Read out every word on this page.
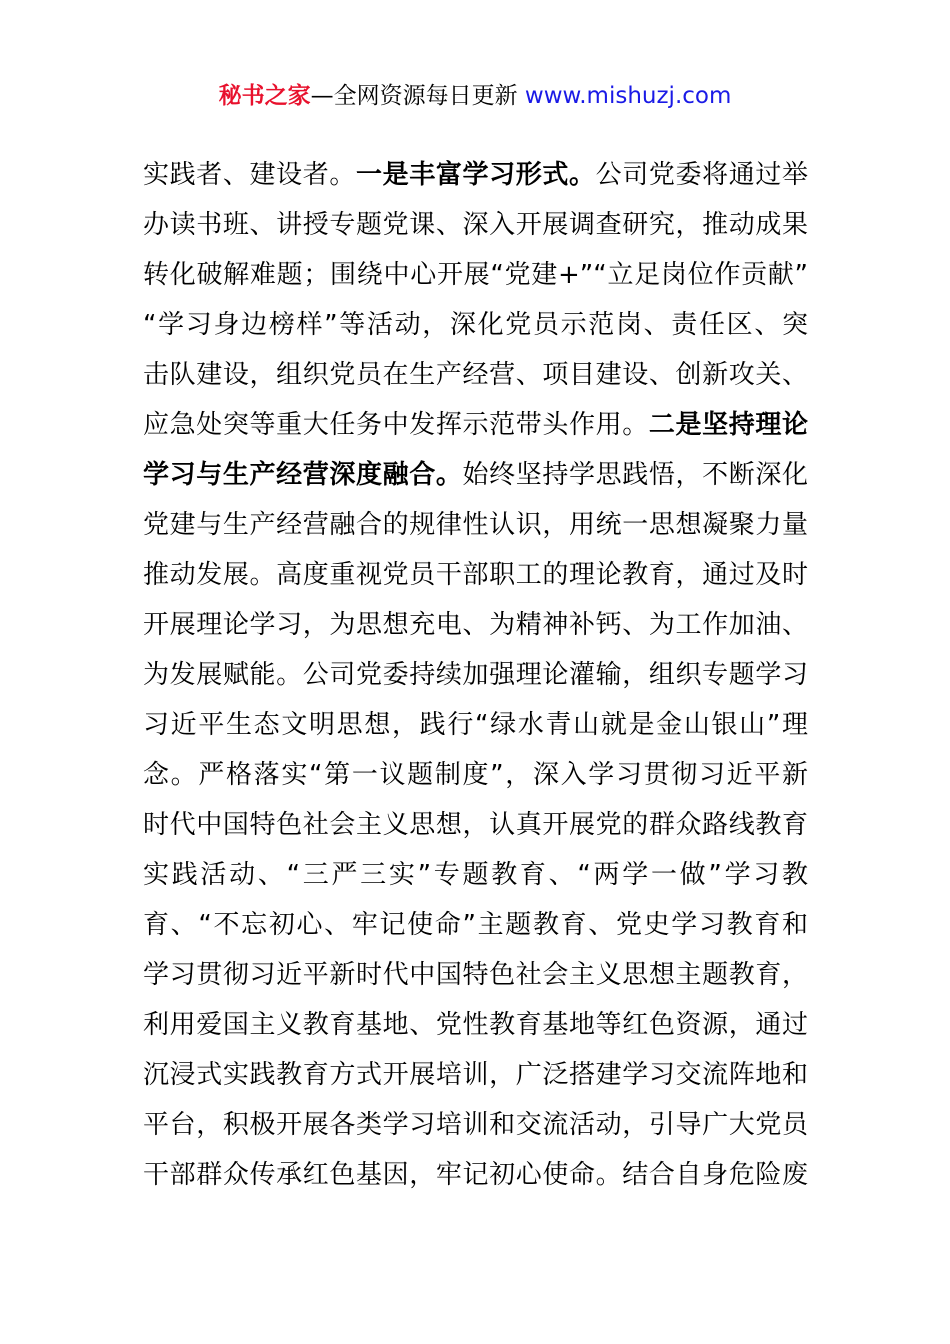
秘书之家—全网资源每日更新 www.mishuzj.com
实践者、建设者。一是丰富学习形式。公司党委将通过举
办读书班、讲授专题党课、深入开展调查研究，推动成果
转化破解难题；围绕中心开展“党建+”“立足岗位作贡献”
“学习身边榜样”等活动，深化党员示范岗、责任区、突
击队建设，组织党员在生产经营、项目建设、创新攻关、
应急处突等重大任务中发挥示范带头作用。二是坚持理论
学习与生产经营深度融合。始终坚持学思践悟，不断深化
党建与生产经营融合的规律性认识，用统一思想凝聚力量
推动发展。高度重视党员干部职工的理论教育，通过及时
开展理论学习，为思想充电、为精神补钙、为工作加油、
为发展赋能。公司党委持续加强理论灌输，组织专题学习
习近平生态文明思想，践行“绿水青山就是金山银山”理
念。严格落实“第一议题制度”，深入学习贯彻习近平新
时代中国特色社会主义思想，认真开展党的群众路线教育
实践活动、“三严三实”专题教育、“两学一做”学习教
育、“不忘初心、牢记使命”主题教育、党史学习教育和
学习贯彻习近平新时代中国特色社会主义思想主题教育，
利用爱国主义教育基地、党性教育基地等红色资源，通过
沉浸式实践教育方式开展培训，广泛搭建学习交流阵地和
平台，积极开展各类学习培训和交流活动，引导广大党员
干部群众传承红色基因，牢记初心使命。结合自身危险废
